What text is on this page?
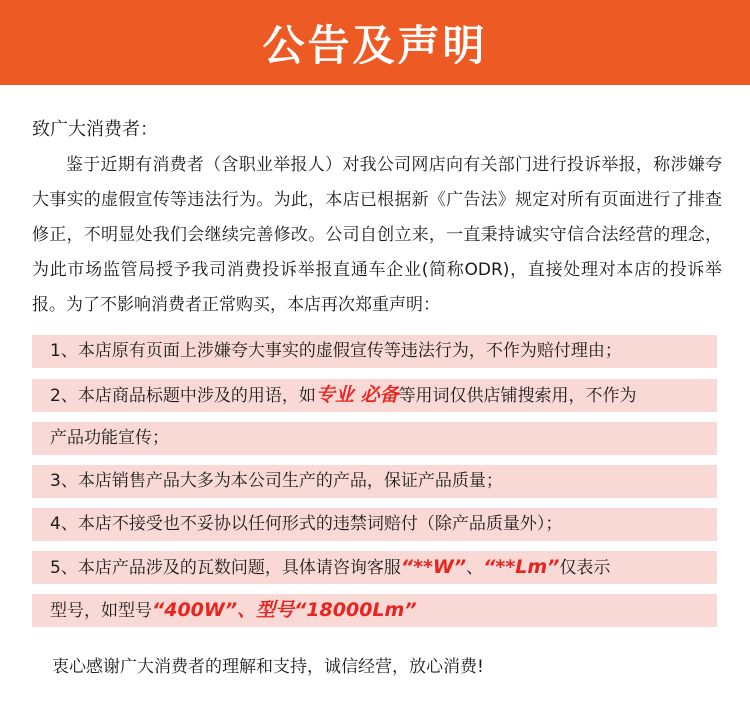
公告及声明
致广大消费者：
鉴于近期有消费者（含职业举报人）对我公司网店向有关部门进行投诉举报，称涉嫌夸大事实的虚假宣传等违法行为。为此，本店已根据新《广告法》规定对所有页面进行了排查修正，不明显处我们会继续完善修改。公司自创立来，一直秉持诚实守信合法经营的理念，为此市场监管局授予我司消费投诉举报直通车企业(简称ODR)，直接处理对本店的投诉举报。为了不影响消费者正常购买，本店再次郑重声明：
1、本店原有页面上涉嫌夸大事实的虚假宣传等违法行为，不作为赔付理由；
2、本店商品标题中涉及的用语，如专业 必备等用词仅供店铺搜索用，不作为
产品功能宣传；
3、本店销售产品大多为本公司生产的产品，保证产品质量；
4、本店不接受也不妥协以任何形式的违禁词赔付（除产品质量外）；
5、本店产品涉及的瓦数问题，具体请咨询客服“**W”、“**Lm”仅表示
型号，如型号“400W”、型号“18000Lm”
衷心感谢广大消费者的理解和支持，诚信经营，放心消费!
